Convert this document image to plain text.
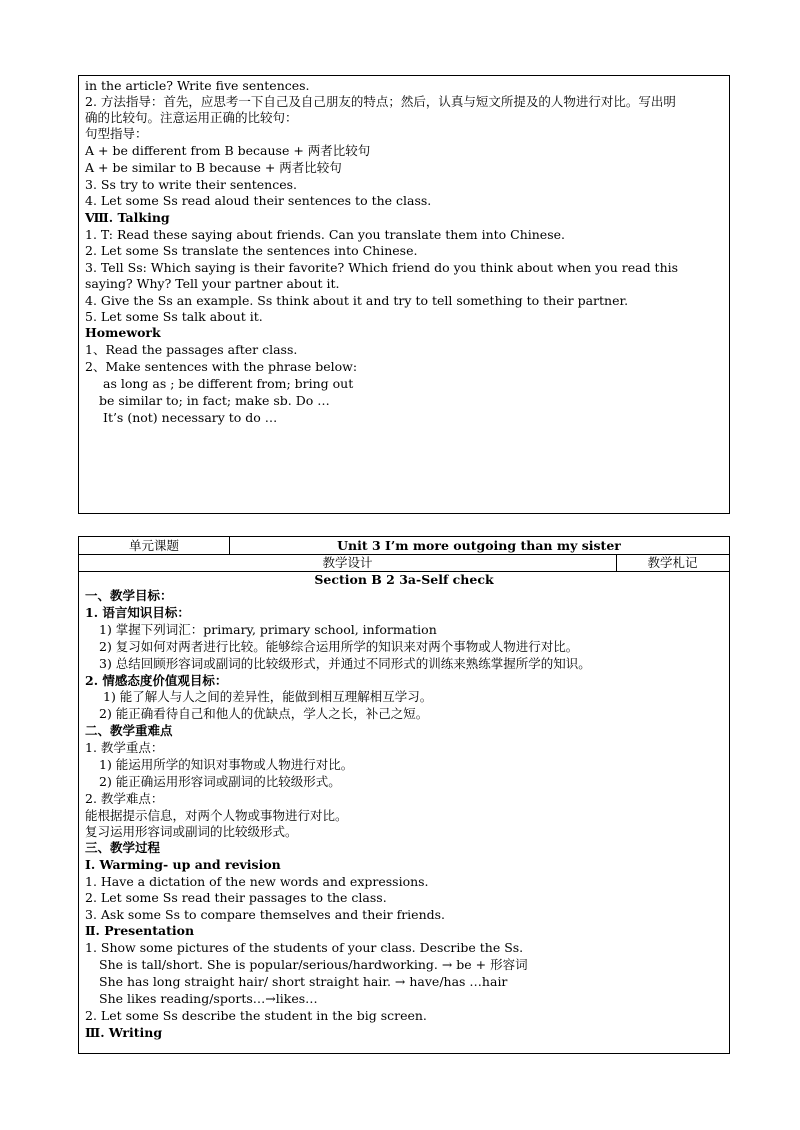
in the article? Write five sentences.
2. 方法指导：首先，应思考一下自己及自己朋友的特点；然后，认真与短文所提及的人物进行对比。写出明
确的比较句。注意运用正确的比较句：
句型指导：
A + be different from B because + 两者比较句
A + be similar to B because + 两者比较句
3. Ss try to write their sentences.
4. Let some Ss read aloud their sentences to the class.
Ⅷ. Talking
1. T: Read these saying about friends. Can you translate them into Chinese.
2. Let some Ss translate the sentences into Chinese.
3. Tell Ss: Which saying is their favorite? Which friend do you think about when you read this
saying? Why? Tell your partner about it.
4. Give the Ss an example. Ss think about it and try to tell something to their partner.
5. Let some Ss talk about it.
Homework
1、Read the passages after class.
2、Make sentences with the phrase below:
as long as ; be different from; bring out
be similar to; in fact; make sb. Do …
It’s (not) necessary to do …
单元课题	Unit 3 I’m more outgoing than my sister
教学设计	教学札记
Section B 2 3a-Self check
一、教学目标：
1. 语言知识目标：
1) 掌握下列词汇：primary, primary school, information
2) 复习如何对两者进行比较。能够综合运用所学的知识来对两个事物或人物进行对比。
3) 总结回顾形容词或副词的比较级形式，并通过不同形式的训练来熟练掌握所学的知识。
2. 情感态度价值观目标：
1) 能了解人与人之间的差异性，能做到相互理解相互学习。
2) 能正确看待自己和他人的优缺点，学人之长，补己之短。
二、教学重难点
1. 教学重点：
1) 能运用所学的知识对事物或人物进行对比。
2) 能正确运用形容词或副词的比较级形式。
2. 教学难点：
能根据提示信息，对两个人物或事物进行对比。
复习运用形容词或副词的比较级形式。
三、教学过程
Ⅰ. Warming- up and revision
1. Have a dictation of the new words and expressions.
2. Let some Ss read their passages to the class.
3. Ask some Ss to compare themselves and their friends.
Ⅱ. Presentation
1. Show some pictures of the students of your class. Describe the Ss.
She is tall/short. She is popular/serious/hardworking. → be + 形容词
She has long straight hair/ short straight hair. → have/has …hair
She likes reading/sports…→likes…
2. Let some Ss describe the student in the big screen.
Ⅲ. Writing
